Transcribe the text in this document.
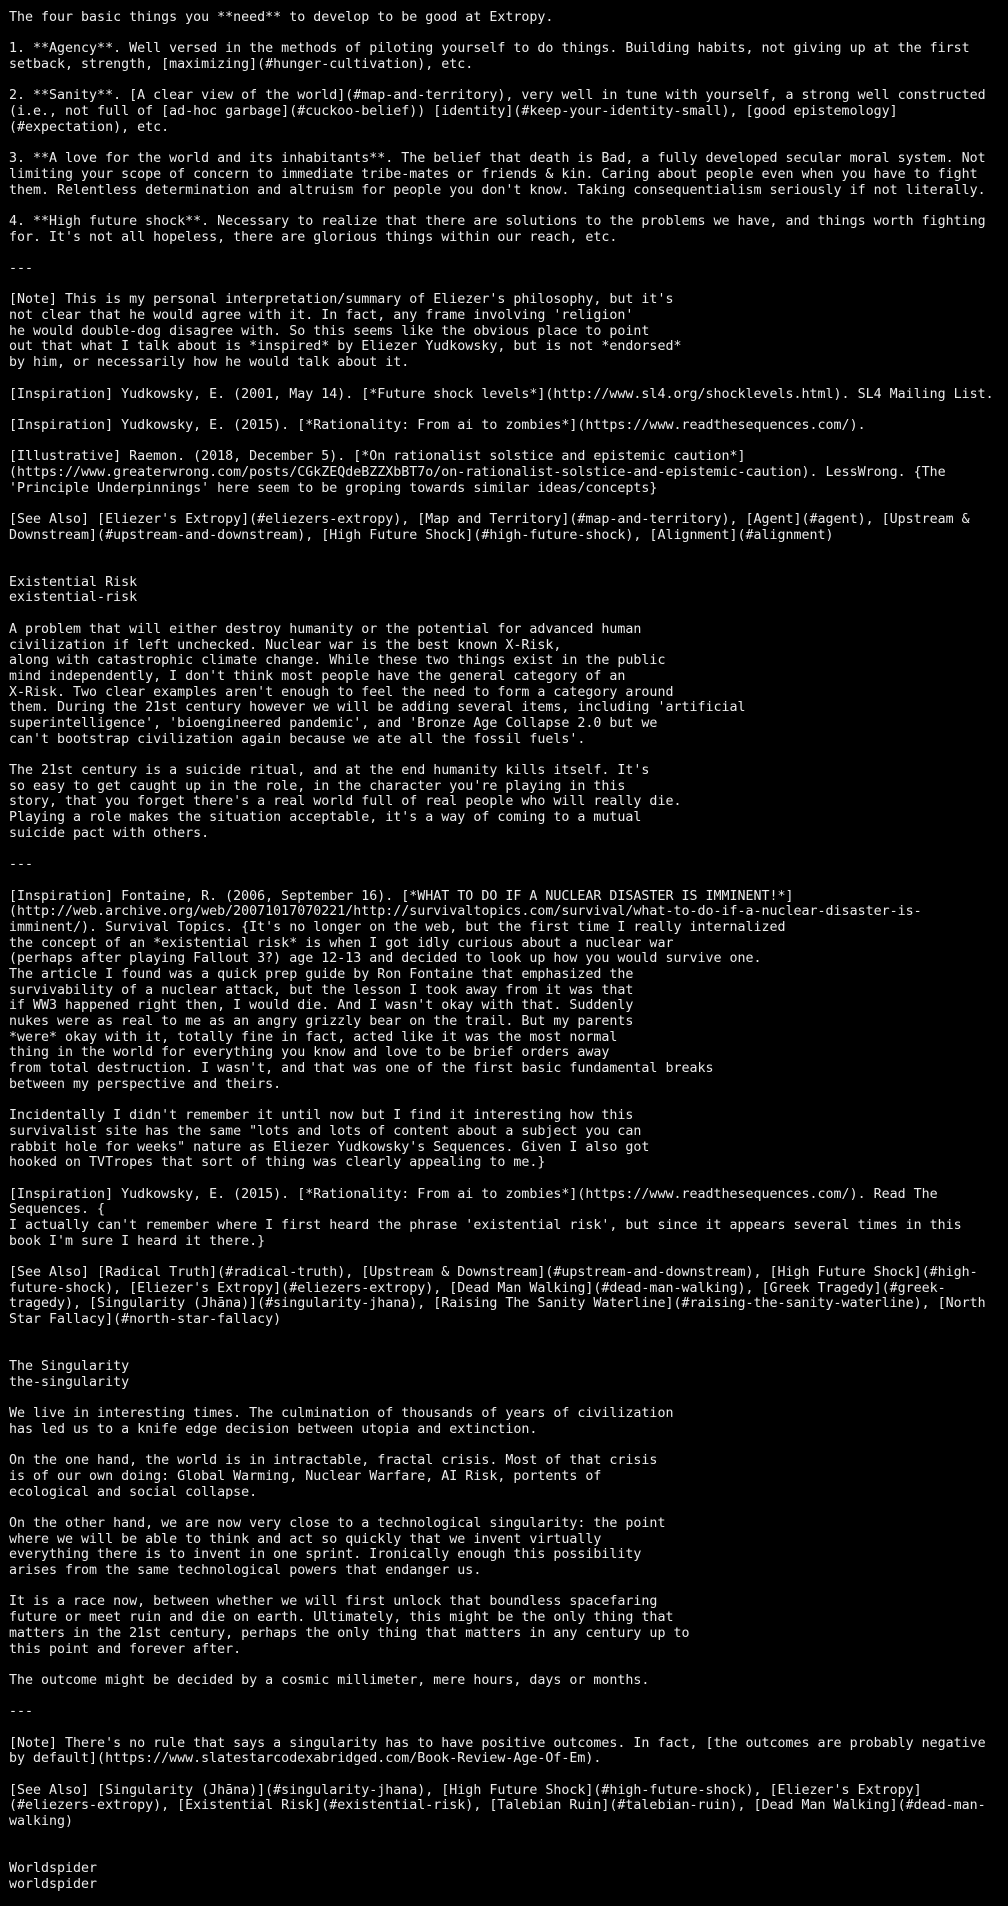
The four basic things you **need** to develop to be good at Extropy.
1. **Agency**. Well versed in the methods of piloting yourself to do things. Building habits, not giving up at the first
setback, strength, [maximizing](#hunger-cultivation), etc.
2. **Sanity**. [A clear view of the world](#map-and-territory), very well in tune with yourself, a strong well constructed
(i.e., not full of [ad-hoc garbage](#cuckoo-belief)) [identity](#keep-your-identity-small), [good epistemology]
(#expectation), etc.
3. **A love for the world and its inhabitants**. The belief that death is Bad, a fully developed secular moral system. Not
limiting your scope of concern to immediate tribe-mates or friends & kin. Caring about people even when you have to fight
them. Relentless determination and altruism for people you don't know. Taking consequentialism seriously if not literally.
4. **High future shock**. Necessary to realize that there are solutions to the problems we have, and things worth fighting
for. It's not all hopeless, there are glorious things within our reach, etc.
---
[Note] This is my personal interpretation/summary of Eliezer's philosophy, but it's
not clear that he would agree with it. In fact, any frame involving 'religion'
he would double-dog disagree with. So this seems like the obvious place to point
out that what I talk about is *inspired* by Eliezer Yudkowsky, but is not *endorsed*
by him, or necessarily how he would talk about it.
[Inspiration] Yudkowsky, E. (2001, May 14). [*Future shock levels*](http://www.sl4.org/shocklevels.html). SL4 Mailing List.
[Inspiration] Yudkowsky, E. (2015). [*Rationality: From ai to zombies*](https://www.readthesequences.com/).
[Illustrative] Raemon. (2018, December 5). [*On rationalist solstice and epistemic caution*]
(https://www.greaterwrong.com/posts/CGkZEQdeBZZXbBT7o/on-rationalist-solstice-and-epistemic-caution). LessWrong. {The
'Principle Underpinnings' here seem to be groping towards similar ideas/concepts}
[See Also] [Eliezer's Extropy](#eliezers-extropy), [Map and Territory](#map-and-territory), [Agent](#agent), [Upstream &
Downstream](#upstream-and-downstream), [High Future Shock](#high-future-shock), [Alignment](#alignment)
Existential Risk
existential-risk
A problem that will either destroy humanity or the potential for advanced human
civilization if left unchecked. Nuclear war is the best known X-Risk,
along with catastrophic climate change. While these two things exist in the public
mind independently, I don't think most people have the general category of an
X-Risk. Two clear examples aren't enough to feel the need to form a category around
them. During the 21st century however we will be adding several items, including 'artificial
superintelligence', 'bioengineered pandemic', and 'Bronze Age Collapse 2.0 but we
can't bootstrap civilization again because we ate all the fossil fuels'.
The 21st century is a suicide ritual, and at the end humanity kills itself. It's
so easy to get caught up in the role, in the character you're playing in this
story, that you forget there's a real world full of real people who will really die.
Playing a role makes the situation acceptable, it's a way of coming to a mutual
suicide pact with others.
---
[Inspiration] Fontaine, R. (2006, September 16). [*WHAT TO DO IF A NUCLEAR DISASTER IS IMMINENT!*]
(http://web.archive.org/web/20071017070221/http://survivaltopics.com/survival/what-to-do-if-a-nuclear-disaster-is-
imminent/). Survival Topics. {It's no longer on the web, but the first time I really internalized
the concept of an *existential risk* is when I got idly curious about a nuclear war
(perhaps after playing Fallout 3?) age 12-13 and decided to look up how you would survive one.
The article I found was a quick prep guide by Ron Fontaine that emphasized the
survivability of a nuclear attack, but the lesson I took away from it was that
if WW3 happened right then, I would die. And I wasn't okay with that. Suddenly
nukes were as real to me as an angry grizzly bear on the trail. But my parents
*were* okay with it, totally fine in fact, acted like it was the most normal
thing in the world for everything you know and love to be brief orders away
from total destruction. I wasn't, and that was one of the first basic fundamental breaks
between my perspective and theirs.
Incidentally I didn't remember it until now but I find it interesting how this
survivalist site has the same "lots and lots of content about a subject you can
rabbit hole for weeks" nature as Eliezer Yudkowsky's Sequences. Given I also got
hooked on TVTropes that sort of thing was clearly appealing to me.}
[Inspiration] Yudkowsky, E. (2015). [*Rationality: From ai to zombies*](https://www.readthesequences.com/). Read The
Sequences. {
I actually can't remember where I first heard the phrase 'existential risk', but since it appears several times in this
book I'm sure I heard it there.}
[See Also] [Radical Truth](#radical-truth), [Upstream & Downstream](#upstream-and-downstream), [High Future Shock](#high-
future-shock), [Eliezer's Extropy](#eliezers-extropy), [Dead Man Walking](#dead-man-walking), [Greek Tragedy](#greek-
tragedy), [Singularity (Jhāna)](#singularity-jhana), [Raising The Sanity Waterline](#raising-the-sanity-waterline), [North
Star Fallacy](#north-star-fallacy)
The Singularity
the-singularity
We live in interesting times. The culmination of thousands of years of civilization
has led us to a knife edge decision between utopia and extinction.
On the one hand, the world is in intractable, fractal crisis. Most of that crisis
is of our own doing: Global Warming, Nuclear Warfare, AI Risk, portents of
ecological and social collapse.
On the other hand, we are now very close to a technological singularity: the point
where we will be able to think and act so quickly that we invent virtually
everything there is to invent in one sprint. Ironically enough this possibility
arises from the same technological powers that endanger us.
It is a race now, between whether we will first unlock that boundless spacefaring
future or meet ruin and die on earth. Ultimately, this might be the only thing that
matters in the 21st century, perhaps the only thing that matters in any century up to
this point and forever after.
The outcome might be decided by a cosmic millimeter, mere hours, days or months.
---
[Note] There's no rule that says a singularity has to have positive outcomes. In fact, [the outcomes are probably negative
by default](https://www.slatestarcodexabridged.com/Book-Review-Age-Of-Em).
[See Also] [Singularity (Jhāna)](#singularity-jhana), [High Future Shock](#high-future-shock), [Eliezer's Extropy]
(#eliezers-extropy), [Existential Risk](#existential-risk), [Talebian Ruin](#talebian-ruin), [Dead Man Walking](#dead-man-
walking)
Worldspider
worldspider
